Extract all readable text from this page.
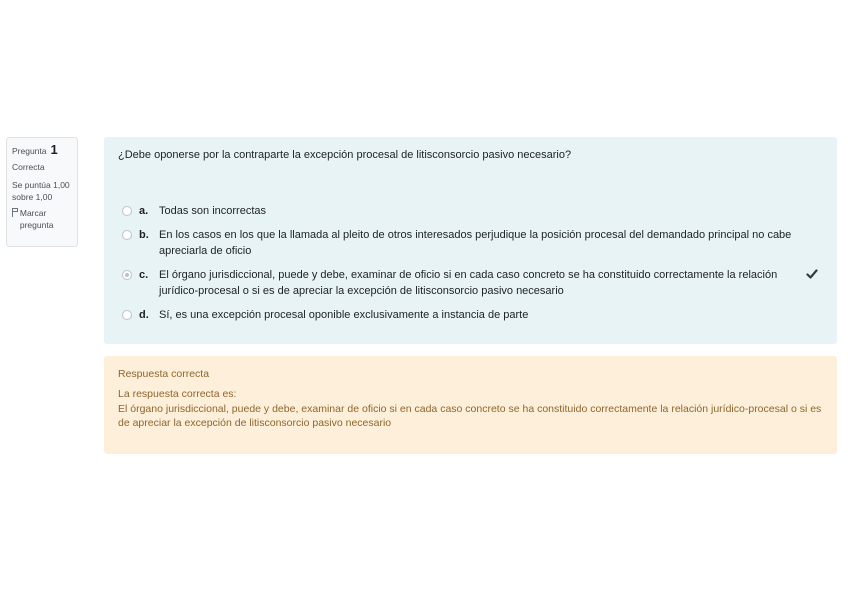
Pregunta 1
Correcta
Se puntúa 1,00 sobre 1,00
Marcar pregunta
¿Debe oponerse por la contraparte la excepción procesal de litisconsorcio pasivo necesario?
a. Todas son incorrectas
b. En los casos en los que la llamada al pleito de otros interesados perjudique la posición procesal del demandado principal no cabe apreciarla de oficio
c. El órgano jurisdiccional, puede y debe, examinar de oficio si en cada caso concreto se ha constituido correctamente la relación jurídico-procesal o si es de apreciar la excepción de litisconsorcio pasivo necesario
d. Sí, es una excepción procesal oponible exclusivamente a instancia de parte
Respuesta correcta
La respuesta correcta es:
El órgano jurisdiccional, puede y debe, examinar de oficio si en cada caso concreto se ha constituido correctamente la relación jurídico-procesal o si es de apreciar la excepción de litisconsorcio pasivo necesario
